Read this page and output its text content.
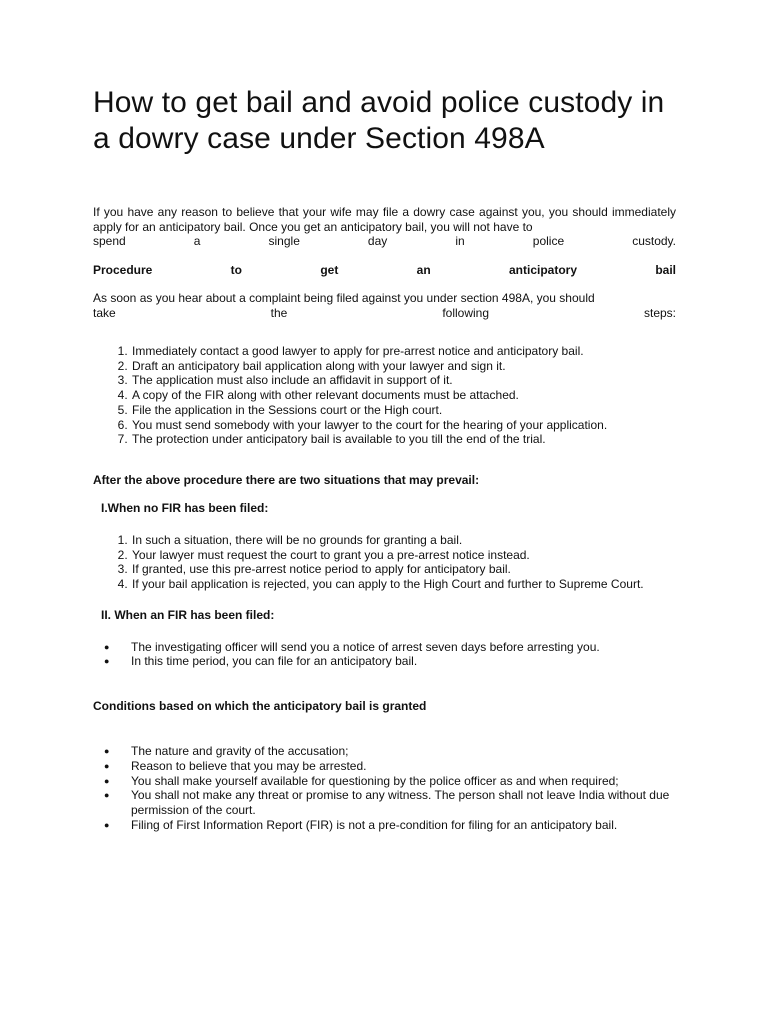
How to get bail and avoid police custody in a dowry case under Section 498A

If you have any reason to believe that your wife may file a dowry case against you, you should immediately apply for an anticipatory bail. Once you get an anticipatory bail, you will not have to

spend a single day in police custody.

Procedure to get an anticipatory bail

As soon as you hear about a complaint being filed against you under section 498A, you should

take the following steps:

1. Immediately contact a good lawyer to apply for pre-arrest notice and anticipatory bail.
2. Draft an anticipatory bail application along with your lawyer and sign it.
3. The application must also include an affidavit in support of it.
4. A copy of the FIR along with other relevant documents must be attached.
5. File the application in the Sessions court or the High court.
6. You must send somebody with your lawyer to the court for the hearing of your application.
7. The protection under anticipatory bail is available to you till the end of the trial.

After the above procedure there are two situations that may prevail:

I.When no FIR has been filed:

1. In such a situation, there will be no grounds for granting a bail.
2. Your lawyer must request the court to grant you a pre-arrest notice instead.
3. If granted, use this pre-arrest notice period to apply for anticipatory bail.
4. If your bail application is rejected, you can apply to the High Court and further to Supreme Court.

II. When an FIR has been filed:

● The investigating officer will send you a notice of arrest seven days before arresting you.
● In this time period, you can file for an anticipatory bail.

Conditions based on which the anticipatory bail is granted

● The nature and gravity of the accusation;
● Reason to believe that you may be arrested.
● You shall make yourself available for questioning by the police officer as and when required;
● You shall not make any threat or promise to any witness. The person shall not leave India without due permission of the court.
● Filing of First Information Report (FIR) is not a pre-condition for filing for an anticipatory bail.
